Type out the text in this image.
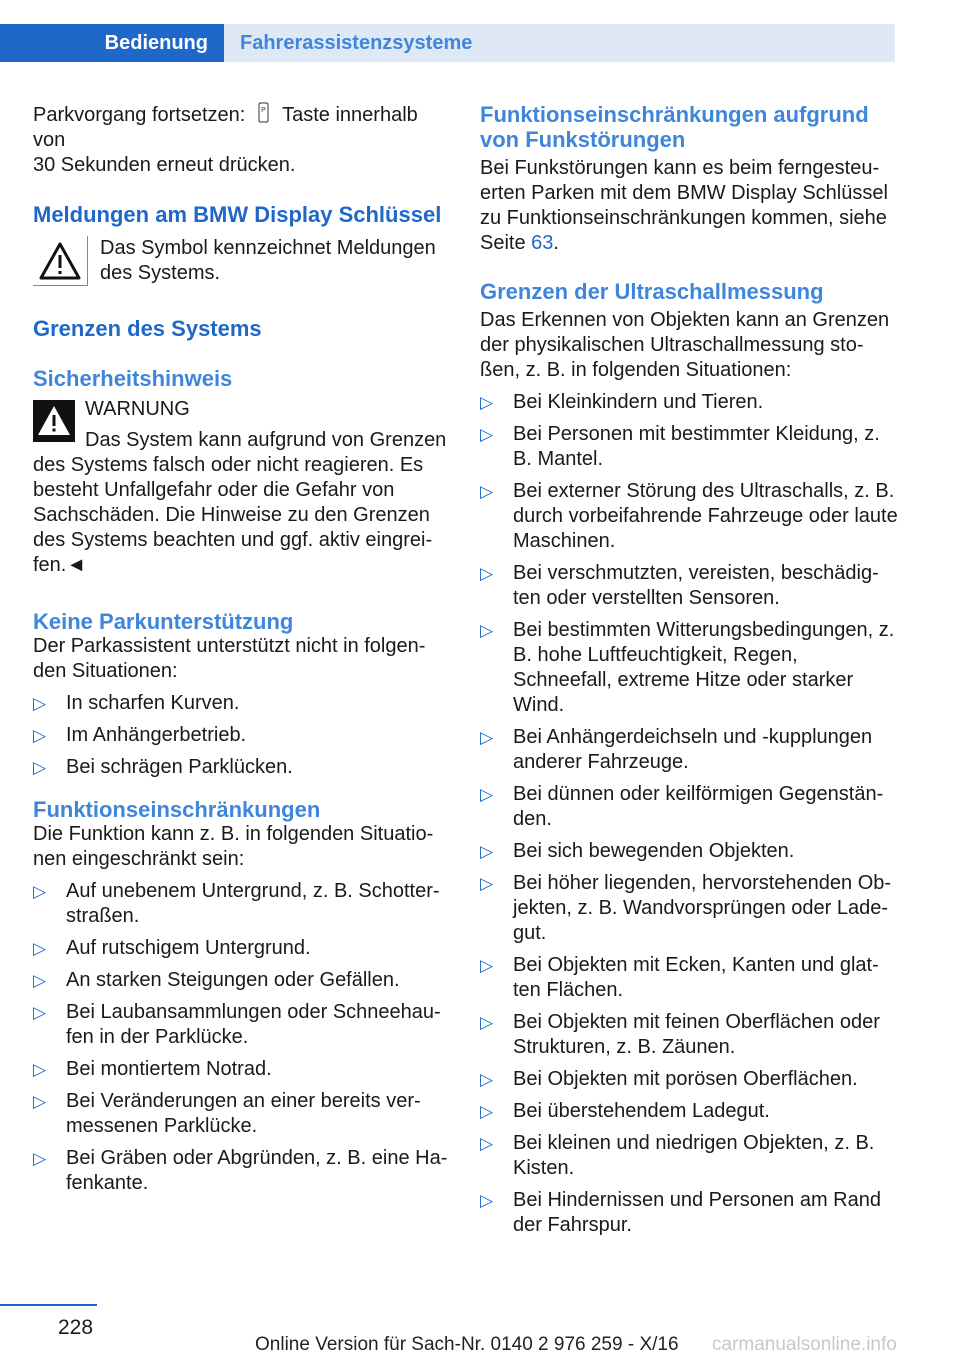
Bedienung	Fahrerassistenzsysteme

Parkvorgang fortsetzen: P Taste innerhalb von
30 Sekunden erneut drücken.

Meldungen am BMW Display Schlüssel

Das Symbol kennzeichnet Meldungen des Systems.

Grenzen des Systems
Sicherheitshinweis

WARNUNG

Das System kann aufgrund von Grenzen des Systems falsch oder nicht reagieren. Es besteht Unfallgefahr oder die Gefahr von Sachschäden. Die Hinweise zu den Grenzen des Systems beachten und ggf. aktiv eingrei-fen.◄

Keine Parkunterstützung

Der Parkassistent unterstützt nicht in folgen-den Situationen:

▷ In scharfen Kurven.
▷ Im Anhängerbetrieb.
▷ Bei schrägen Parklücken.
Funktionseinschränkungen

Die Funktion kann z. B. in folgenden Situatio-nen eingeschränkt sein:

▷ Auf unebenem Untergrund, z. B. Schotter-straßen.
▷ Auf rutschigem Untergrund.
▷ An starken Steigungen oder Gefällen.
▷ Bei Laubansammlungen oder Schneehau-fen in der Parklücke.
▷ Bei montiertem Notrad.
▷ Bei Veränderungen an einer bereits ver-messenen Parklücke.
▷ Bei Gräben oder Abgründen, z. B. eine Ha-fenkante.
Funktionseinschränkungen aufgrund von Funkstörungen

Bei Funkstörungen kann es beim ferngesteu-erten Parken mit dem BMW Display Schlüssel zu Funktionseinschränkungen kommen, siehe Seite 63.

Grenzen der Ultraschallmessung

Das Erkennen von Objekten kann an Grenzen der physikalischen Ultraschallmessung sto-ßen, z. B. in folgenden Situationen:

▷ Bei Kleinkindern und Tieren.
▷ Bei Personen mit bestimmter Kleidung, z. B. Mantel.
▷ Bei externer Störung des Ultraschalls, z. B. durch vorbeifahrende Fahrzeuge oder laute Maschinen.
▷ Bei verschmutzten, vereisten, beschädig-ten oder verstellten Sensoren.
▷ Bei bestimmten Witterungsbedingungen, z. B. hohe Luftfeuchtigkeit, Regen, Schneefall, extreme Hitze oder starker Wind.
▷ Bei Anhängerdeichseln und -kupplungen anderer Fahrzeuge.
▷ Bei dünnen oder keilförmigen Gegenstän-den.
▷ Bei sich bewegenden Objekten.
▷ Bei höher liegenden, hervorstehenden Ob-jekten, z. B. Wandvorsprüngen oder Lade-gut.
▷ Bei Objekten mit Ecken, Kanten und glat-ten Flächen.
▷ Bei Objekten mit feinen Oberflächen oder Strukturen, z. B. Zäunen.
▷ Bei Objekten mit porösen Oberflächen.
▷ Bei überstehendem Ladegut.
▷ Bei kleinen und niedrigen Objekten, z. B. Kisten.
▷ Bei Hindernissen und Personen am Rand der Fahrspur.
228
Online Version für Sach-Nr. 0140 2 976 259 - X/16 carmanualsonline.info
